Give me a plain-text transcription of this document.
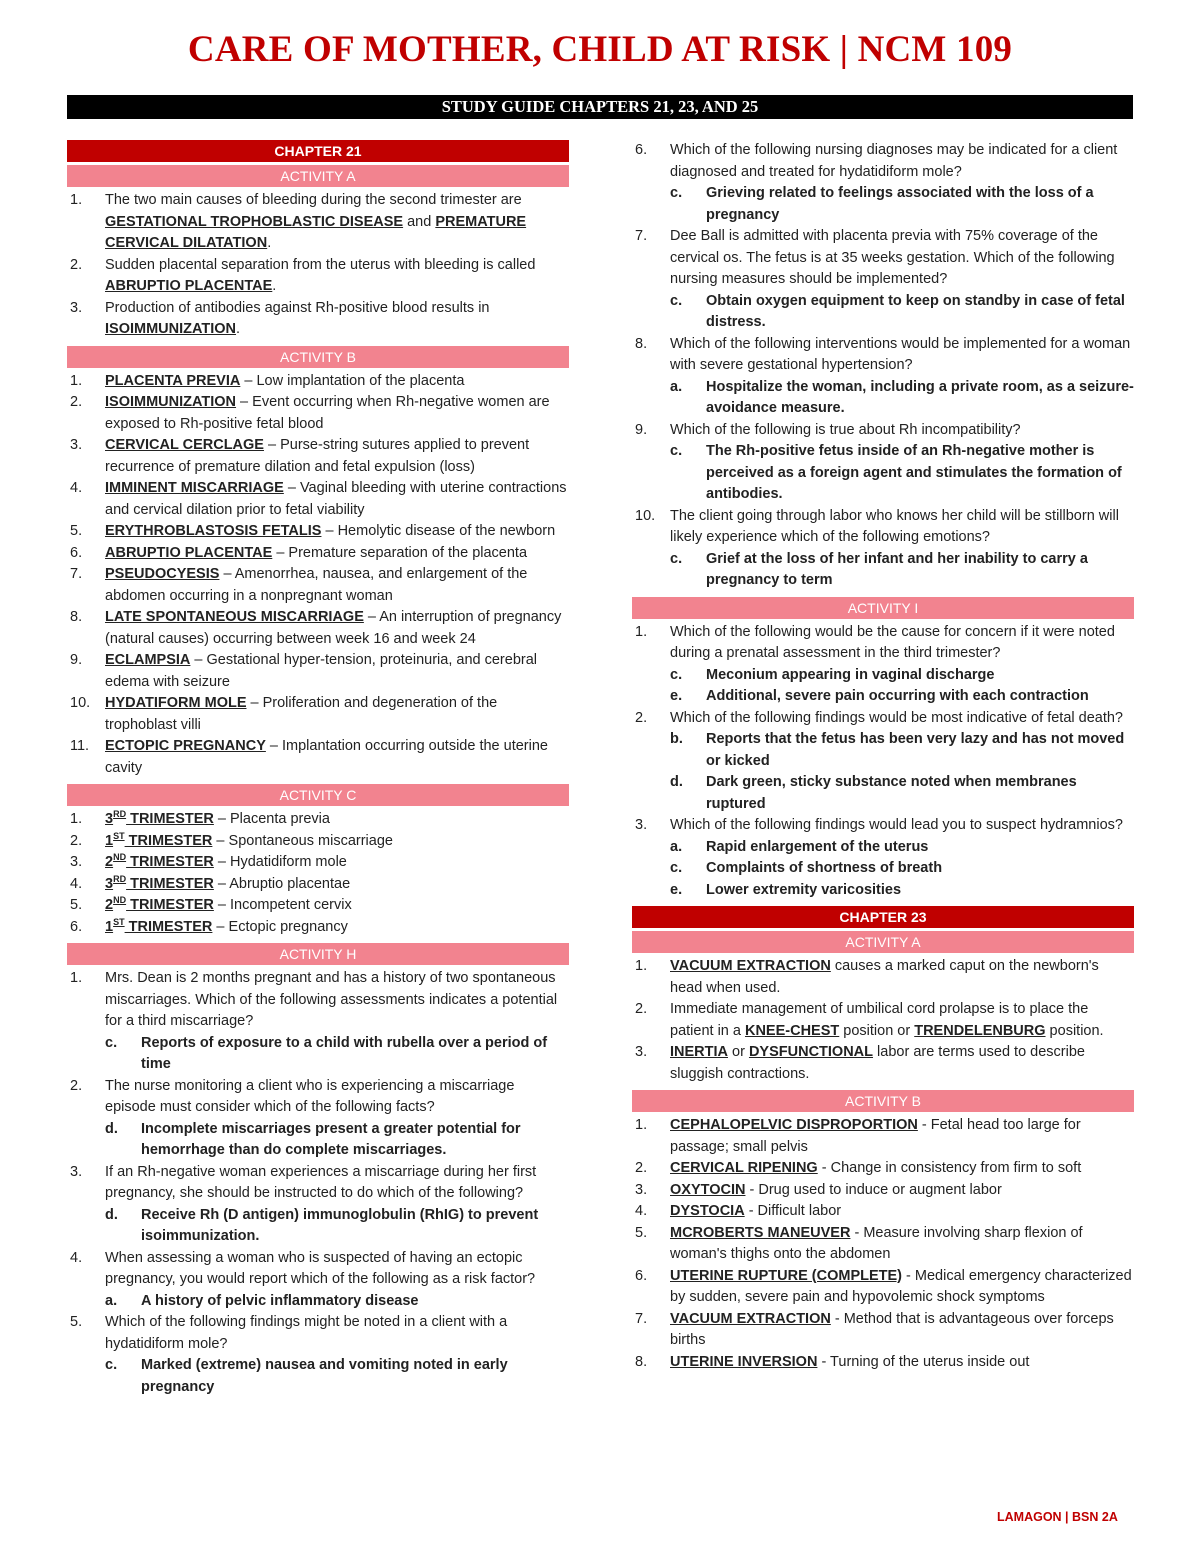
CARE OF MOTHER, CHILD AT RISK | NCM 109
STUDY GUIDE CHAPTERS 21, 23, AND 25
CHAPTER 21
ACTIVITY A
1. The two main causes of bleeding during the second trimester are GESTATIONAL TROPHOBLASTIC DISEASE and PREMATURE CERVICAL DILATATION.
2. Sudden placental separation from the uterus with bleeding is called ABRUPTIO PLACENTAE.
3. Production of antibodies against Rh-positive blood results in ISOIMMUNIZATION.
ACTIVITY B
1. PLACENTA PREVIA – Low implantation of the placenta
2. ISOIMMUNIZATION – Event occurring when Rh-negative women are exposed to Rh-positive fetal blood
3. CERVICAL CERCLAGE – Purse-string sutures applied to prevent recurrence of premature dilation and fetal expulsion (loss)
4. IMMINENT MISCARRIAGE – Vaginal bleeding with uterine contractions and cervical dilation prior to fetal viability
5. ERYTHROBLASTOSIS FETALIS – Hemolytic disease of the newborn
6. ABRUPTIO PLACENTAE – Premature separation of the placenta
7. PSEUDOCYESIS – Amenorrhea, nausea, and enlargement of the abdomen occurring in a nonpregnant woman
8. LATE SPONTANEOUS MISCARRIAGE – An interruption of pregnancy (natural causes) occurring between week 16 and week 24
9. ECLAMPSIA – Gestational hyper-tension, proteinuria, and cerebral edema with seizure
10. HYDATIFORM MOLE – Proliferation and degeneration of the trophoblast villi
11. ECTOPIC PREGNANCY – Implantation occurring outside the uterine cavity
ACTIVITY C
1. 3RD TRIMESTER – Placenta previa
2. 1ST TRIMESTER – Spontaneous miscarriage
3. 2ND TRIMESTER – Hydatidiform mole
4. 3RD TRIMESTER – Abruptio placentae
5. 2ND TRIMESTER – Incompetent cervix
6. 1ST TRIMESTER – Ectopic pregnancy
ACTIVITY H
1. Mrs. Dean is 2 months pregnant and has a history of two spontaneous miscarriages. Which of the following assessments indicates a potential for a third miscarriage?
c. Reports of exposure to a child with rubella over a period of time
2. The nurse monitoring a client who is experiencing a miscarriage episode must consider which of the following facts?
d. Incomplete miscarriages present a greater potential for hemorrhage than do complete miscarriages.
3. If an Rh-negative woman experiences a miscarriage during her first pregnancy, she should be instructed to do which of the following?
d. Receive Rh (D antigen) immunoglobulin (RhIG) to prevent isoimmunization.
4. When assessing a woman who is suspected of having an ectopic pregnancy, you would report which of the following as a risk factor?
a. A history of pelvic inflammatory disease
5. Which of the following findings might be noted in a client with a hydatidiform mole?
c. Marked (extreme) nausea and vomiting noted in early pregnancy
6. Which of the following nursing diagnoses may be indicated for a client diagnosed and treated for hydatidiform mole?
c. Grieving related to feelings associated with the loss of a pregnancy
7. Dee Ball is admitted with placenta previa with 75% coverage of the cervical os. The fetus is at 35 weeks gestation. Which of the following nursing measures should be implemented?
c. Obtain oxygen equipment to keep on standby in case of fetal distress.
8. Which of the following interventions would be implemented for a woman with severe gestational hypertension?
a. Hospitalize the woman, including a private room, as a seizure-avoidance measure.
9. Which of the following is true about Rh incompatibility?
c. The Rh-positive fetus inside of an Rh-negative mother is perceived as a foreign agent and stimulates the formation of antibodies.
10. The client going through labor who knows her child will be stillborn will likely experience which of the following emotions?
c. Grief at the loss of her infant and her inability to carry a pregnancy to term
ACTIVITY I
1. Which of the following would be the cause for concern if it were noted during a prenatal assessment in the third trimester?
c. Meconium appearing in vaginal discharge
e. Additional, severe pain occurring with each contraction
2. Which of the following findings would be most indicative of fetal death?
b. Reports that the fetus has been very lazy and has not moved or kicked
d. Dark green, sticky substance noted when membranes ruptured
3. Which of the following findings would lead you to suspect hydramnios?
a. Rapid enlargement of the uterus
c. Complaints of shortness of breath
e. Lower extremity varicosities
CHAPTER 23
ACTIVITY A
1. VACUUM EXTRACTION causes a marked caput on the newborn's head when used.
2. Immediate management of umbilical cord prolapse is to place the patient in a KNEE-CHEST position or TRENDELENBURG position.
3. INERTIA or DYSFUNCTIONAL labor are terms used to describe sluggish contractions.
ACTIVITY B
1. CEPHALOPELVIC DISPROPORTION - Fetal head too large for passage; small pelvis
2. CERVICAL RIPENING - Change in consistency from firm to soft
3. OXYTOCIN - Drug used to induce or augment labor
4. DYSTOCIA - Difficult labor
5. MCROBERTS MANEUVER - Measure involving sharp flexion of woman's thighs onto the abdomen
6. UTERINE RUPTURE (COMPLETE) - Medical emergency characterized by sudden, severe pain and hypovolemic shock symptoms
7. VACUUM EXTRACTION - Method that is advantageous over forceps births
8. UTERINE INVERSION - Turning of the uterus inside out
LAMAGON | BSN 2A
